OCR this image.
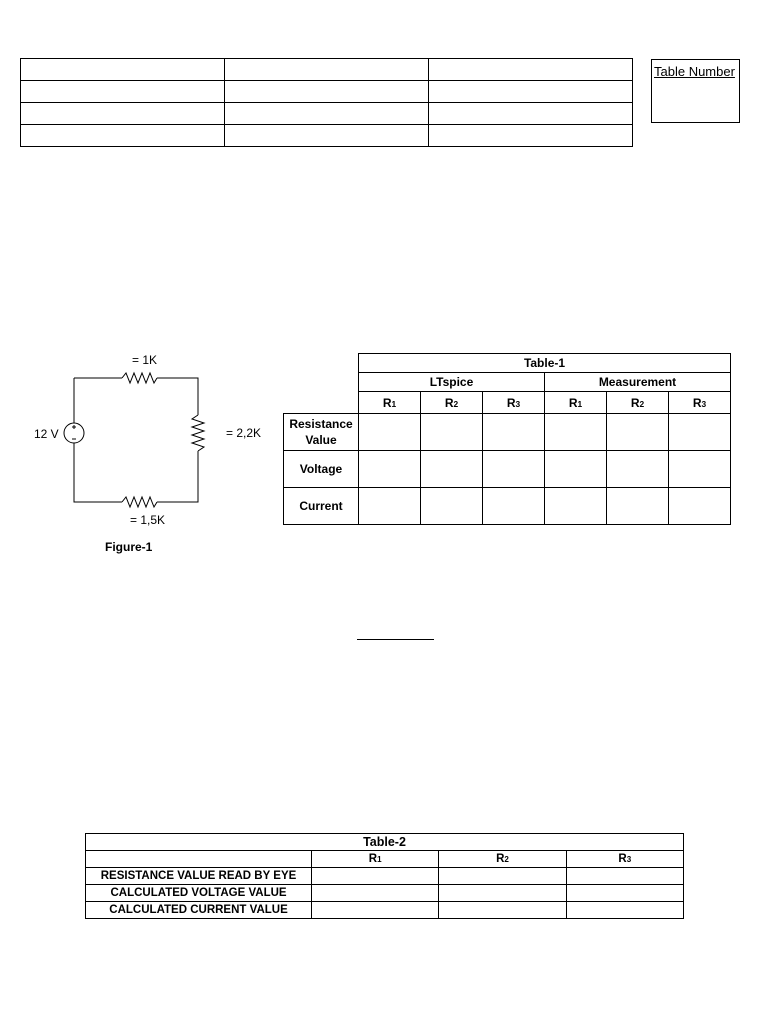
Table Number
= 1K
= 2,2K
= 1,5K
12 V
Figure-1
	Table-1					
	LTspice			Measurement		
	R1	R2	R3	R1	R2	R3
Resistance Value						
Voltage						
Current						
Table-2			
	R1	R2	R3
RESISTANCE VALUE READ BY EYE			
CALCULATED VOLTAGE VALUE			
CALCULATED CURRENT VALUE			
